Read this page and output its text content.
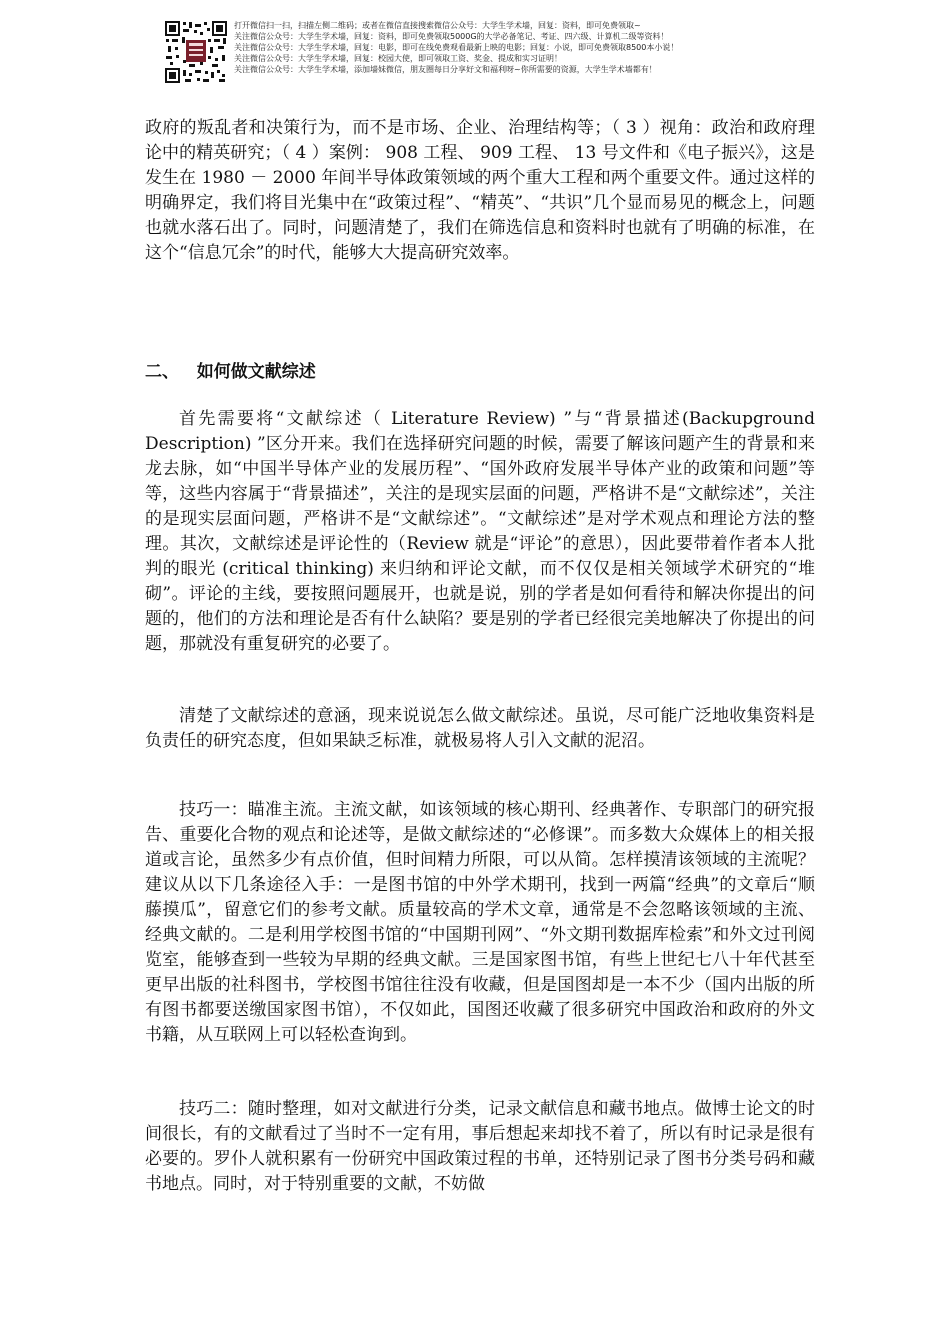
打开微信扫一扫，扫描左侧二维码；或者在微信直接搜索微信公众号：大学生学术墙，回复：资料，即可免费领取~
关注微信公众号：大学生学术墙，回复：资料，即可免费领取5000G的大学必备笔记、考证、四六级、计算机二级等资料！
关注微信公众号：大学生学术墙，回复：电影，即可在线免费观看最新上映的电影；回复：小说，即可免费领取8500本小说！
关注微信公众号：大学生学术墙，回复：校园大使，即可领取工资、奖金、提成和实习证明！
关注微信公众号：大学生学术墙，添加墙妹微信，朋友圈每日分享好文和福利呀~你所需要的资源，大学生学术墙都有！

政府的叛乱者和决策行为，而不是市场、企业、治理结构等；（ 3 ）视角：政治和政府理论中的精英研究；（ 4 ）案例： 908 工程、 909 工程、 13 号文件和《电子振兴》，这是发生在 1980 － 2000 年间半导体政策领域的两个重大工程和两个重要文件。通过这样的明确界定，我们将目光集中在“政策过程”、“精英”、“共识”几个显而易见的概念上，问题也就水落石出了。同时，问题清楚了，我们在筛选信息和资料时也就有了明确的标准，在这个“信息冗余”的时代，能够大大提高研究效率。

二、   如何做文献综述

首先需要将“文献综述（ Literature Review) ”与“背景描述(Backupground Description) ”区分开来。我们在选择研究问题的时候，需要了解该问题产生的背景和来龙去脉，如“中国半导体产业的发展历程”、“国外政府发展半导体产业的政策和问题”等等，这些内容属于“背景描述”，关注的是现实层面的问题，严格讲不是“文献综述”，关注的是现实层面问题，严格讲不是“文献综述”。“文献综述”是对学术观点和理论方法的整理。其次，文献综述是评论性的（Review 就是“评论”的意思），因此要带着作者本人批判的眼光 (critical thinking) 来归纳和评论文献，而不仅仅是相关领域学术研究的“堆砌”。评论的主线，要按照问题展开，也就是说，别的学者是如何看待和解决你提出的问题的，他们的方法和理论是否有什么缺陷？要是别的学者已经很完美地解决了你提出的问题，那就没有重复研究的必要了。

清楚了文献综述的意涵，现来说说怎么做文献综述。虽说，尽可能广泛地收集资料是负责任的研究态度，但如果缺乏标准，就极易将人引入文献的泥沼。

技巧一：瞄准主流。主流文献，如该领域的核心期刊、经典著作、专职部门的研究报告、重要化合物的观点和论述等，是做文献综述的“必修课”。而多数大众媒体上的相关报道或言论，虽然多少有点价值，但时间精力所限，可以从简。怎样摸清该领域的主流呢？建议从以下几条途径入手：一是图书馆的中外学术期刊，找到一两篇“经典”的文章后“顺藤摸瓜”，留意它们的参考文献。质量较高的学术文章，通常是不会忽略该领域的主流、经典文献的。二是利用学校图书馆的“中国期刊网”、“外文期刊数据库检索”和外文过刊阅览室，能够查到一些较为早期的经典文献。三是国家图书馆，有些上世纪七八十年代甚至更早出版的社科图书，学校图书馆往往没有收藏，但是国图却是一本不少（国内出版的所有图书都要送缴国家图书馆），不仅如此，国图还收藏了很多研究中国政治和政府的外文书籍，从互联网上可以轻松查询到。

技巧二：随时整理，如对文献进行分类，记录文献信息和藏书地点。做博士论文的时间很长，有的文献看过了当时不一定有用，事后想起来却找不着了，所以有时记录是很有必要的。罗仆人就积累有一份研究中国政策过程的书单，还特别记录了图书分类号码和藏书地点。同时，对于特别重要的文献，不妨做
